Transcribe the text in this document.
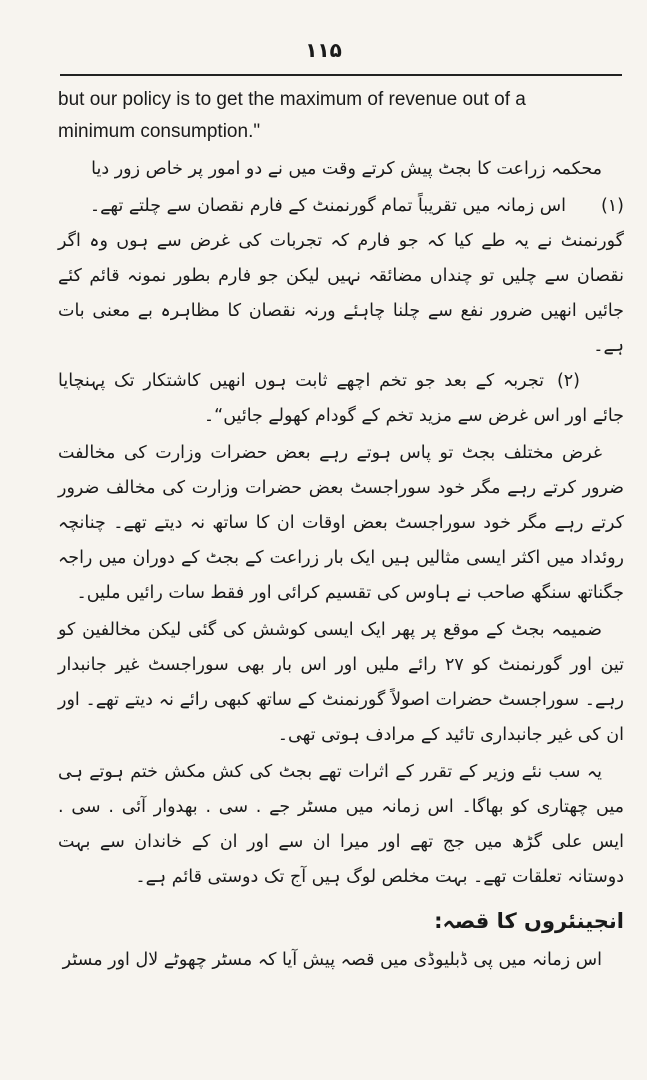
۱۱۵
but our policy is to get the maximum of revenue out of a
minimum consumption."

محکمہ زراعت کا بجٹ پیش کرتے وقت میں نے دو امور پر خاص زور دیا

(۱)اس زمانہ میں تقریباً تمام گورنمنٹ کے فارم نقصان سے چلتے تھے۔

گورنمنٹ نے یہ طے کیا کہ جو فارم کہ تجربات کی غرض سے ہوں وہ اگر نقصان سے چلیں تو چنداں مضائقہ نہیں لیکن جو فارم بطور نمونہ قائم کئے جائیں انھیں ضرور نفع سے چلنا چاہئے ورنہ نقصان کا مظاہرہ بے معنی بات ہے۔

(۲)تجربہ کے بعد جو تخم اچھے ثابت ہوں انھیں کاشتکار تک پہنچایا جائے اور اس غرض سے مزید تخم کے گودام کھولے جائیں“۔

غرض مختلف بجٹ تو پاس ہوتے رہے بعض حضرات وزارت کی مخالفت ضرور کرتے رہے مگر خود سوراجسٹ بعض حضرات وزارت کی مخالف ضرور کرتے رہے مگر خود سوراجسٹ بعض اوقات ان کا ساتھ نہ دیتے تھے۔ چنانچہ روئداد میں اکثر ایسی مثالیں ہیں ایک بار زراعت کے بجٹ کے دوران میں راجہ جگناتھ سنگھ صاحب نے ہاوس کی تقسیم کرائی اور فقط سات رائیں ملیں۔

ضمیمہ بجٹ کے موقع پر پھر ایک ایسی کوشش کی گئی لیکن مخالفین کو تین اور گورنمنٹ کو ۲۷ رائے ملیں اور اس بار بھی سوراجسٹ غیر جانبدار رہے۔ سوراجسٹ حضرات اصولاً گورنمنٹ کے ساتھ کبھی رائے نہ دیتے تھے۔ اور ان کی غیر جانبداری تائید کے مرادف ہوتی تھی۔

یہ سب نئے وزیر کے تقرر کے اثرات تھے بجٹ کی کش مکش ختم ہوتے ہی میں چھتاری کو بھاگا۔ اس زمانہ میں مسٹر جے . سی . بھدوار آئی . سی . ایس علی گڑھ میں جج تھے اور میرا ان سے اور ان کے خاندان سے بہت دوستانہ تعلقات تھے۔ بہت مخلص لوگ ہیں آج تک دوستی قائم ہے۔

انجینئروں کا قصہ:

اس زمانہ میں پی ڈبلیوڈی میں قصہ پیش آیا کہ مسٹر چھوٹے لال اور مسٹر
